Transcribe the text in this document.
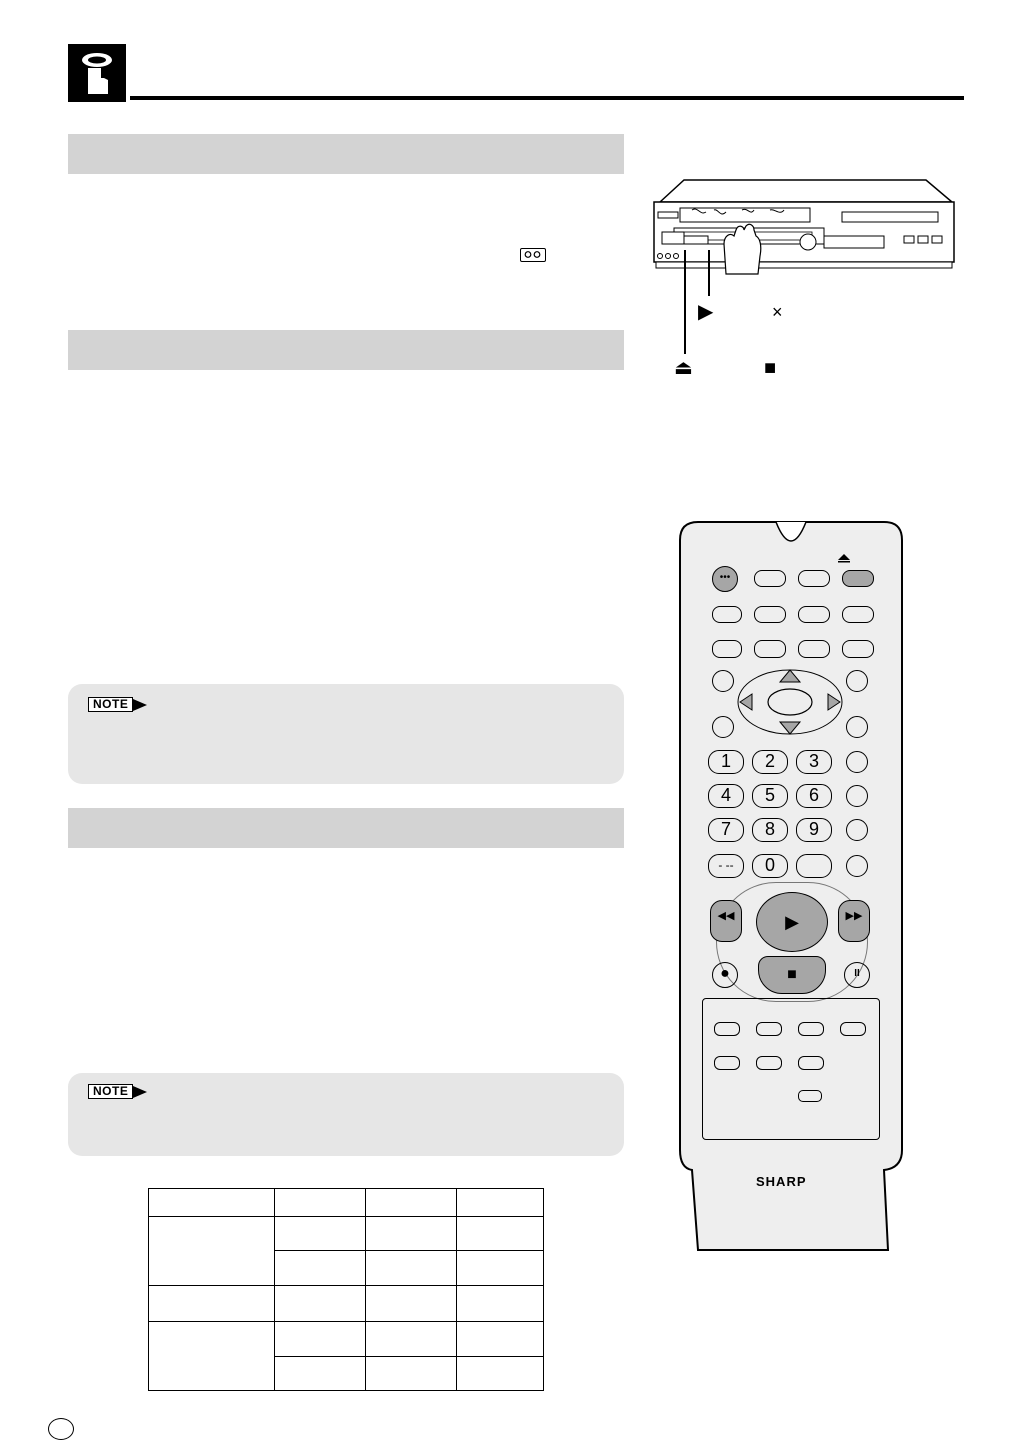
NOTE
NOTE

▶	×
⏏	■
•••
1	2	3
4	5	6
7	8	9
- --	0
◀◀	▶▶
▶
■
●	II
SHARP
